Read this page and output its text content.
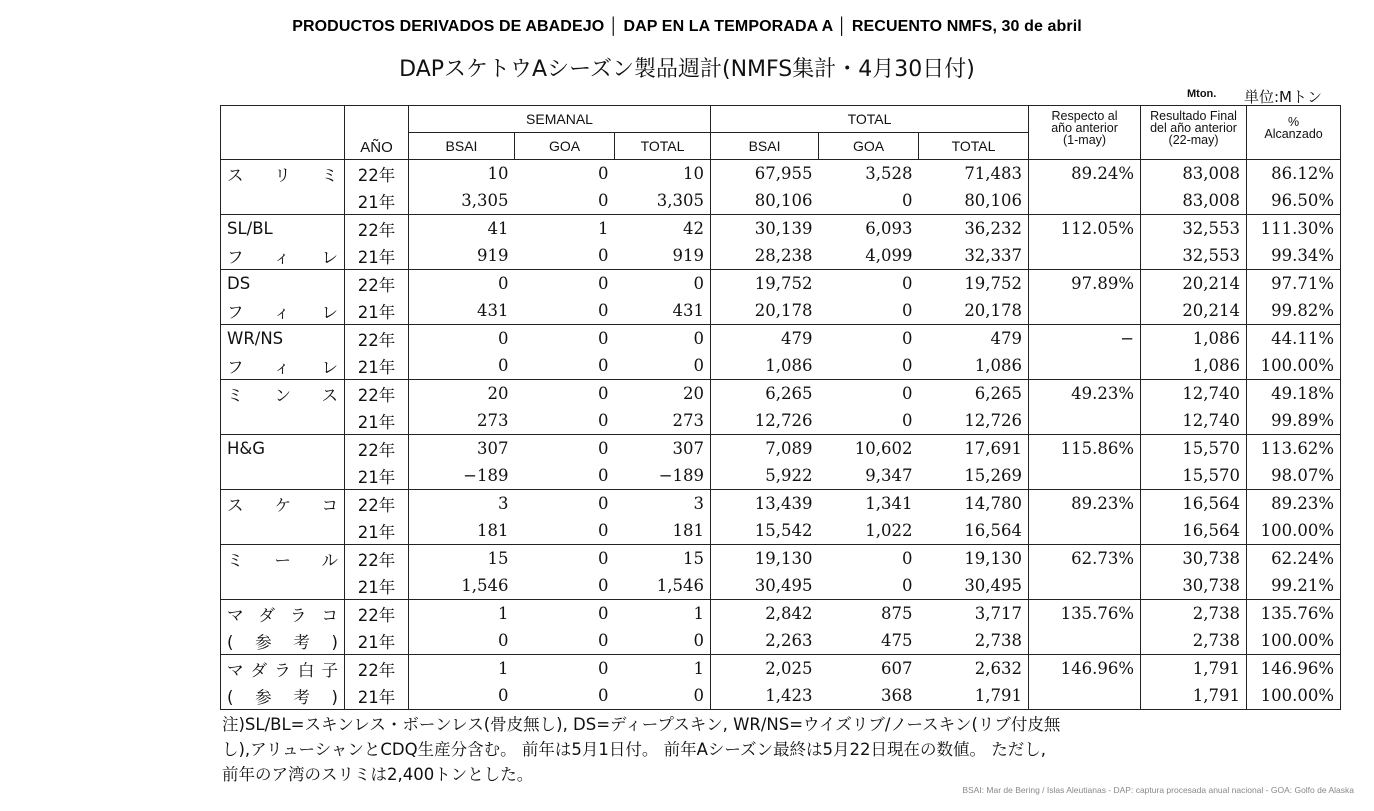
PRODUCTOS DERIVADOS DE ABADEJO │ DAP EN LA TEMPORADA A │ RECUENTO NMFS, 30 de abril
DAPスケトウAシーズン製品週計(NMFS集計・4月30日付)
Mton. 単位:Mトン
	AÑO	SEMANAL			TOTAL			Respecto al
año anterior
(1-may)	Resultado Final
del año anterior
(22-may)	%
Alcanzado
		BSAI	GOA	TOTAL	BSAI	GOA	TOTAL			
スリミ	22年	10	0	10	67,955	3,528	71,483	89.24%	83,008	86.12%
	21年	3,305	0	3,305	80,106	0	80,106		83,008	96.50%
SL/BL	22年	41	1	42	30,139	6,093	36,232	112.05%	32,553	111.30%
フィレ	21年	919	0	919	28,238	4,099	32,337		32,553	99.34%
DS	22年	0	0	0	19,752	0	19,752	97.89%	20,214	97.71%
フィレ	21年	431	0	431	20,178	0	20,178		20,214	99.82%
WR/NS	22年	0	0	0	479	0	479	−	1,086	44.11%
フィレ	21年	0	0	0	1,086	0	1,086		1,086	100.00%
ミンス	22年	20	0	20	6,265	0	6,265	49.23%	12,740	49.18%
	21年	273	0	273	12,726	0	12,726		12,740	99.89%
H&G	22年	307	0	307	7,089	10,602	17,691	115.86%	15,570	113.62%
	21年	−189	0	−189	5,922	9,347	15,269		15,570	98.07%
スケコ	22年	3	0	3	13,439	1,341	14,780	89.23%	16,564	89.23%
	21年	181	0	181	15,542	1,022	16,564		16,564	100.00%
ミール	22年	15	0	15	19,130	0	19,130	62.73%	30,738	62.24%
	21年	1,546	0	1,546	30,495	0	30,495		30,738	99.21%
マダラコ	22年	1	0	1	2,842	875	3,717	135.76%	2,738	135.76%
(参考)	21年	0	0	0	2,263	475	2,738		2,738	100.00%
マダラ白子	22年	1	0	1	2,025	607	2,632	146.96%	1,791	146.96%
(参考)	21年	0	0	0	1,423	368	1,791		1,791	100.00%
注)SL/BL=スキンレス・ボーンレス(骨皮無し), DS=ディープスキン, WR/NS=ウイズリブ/ノースキン(リブ付皮無
し),アリューシャンとCDQ生産分含む。 前年は5月1日付。 前年Aシーズン最終は5月22日現在の数値。 ただし,
前年のア湾のスリミは2,400トンとした。
BSAI: Mar de Bering / Islas Aleutianas - DAP: captura procesada anual nacional - GOA: Golfo de Alaska
